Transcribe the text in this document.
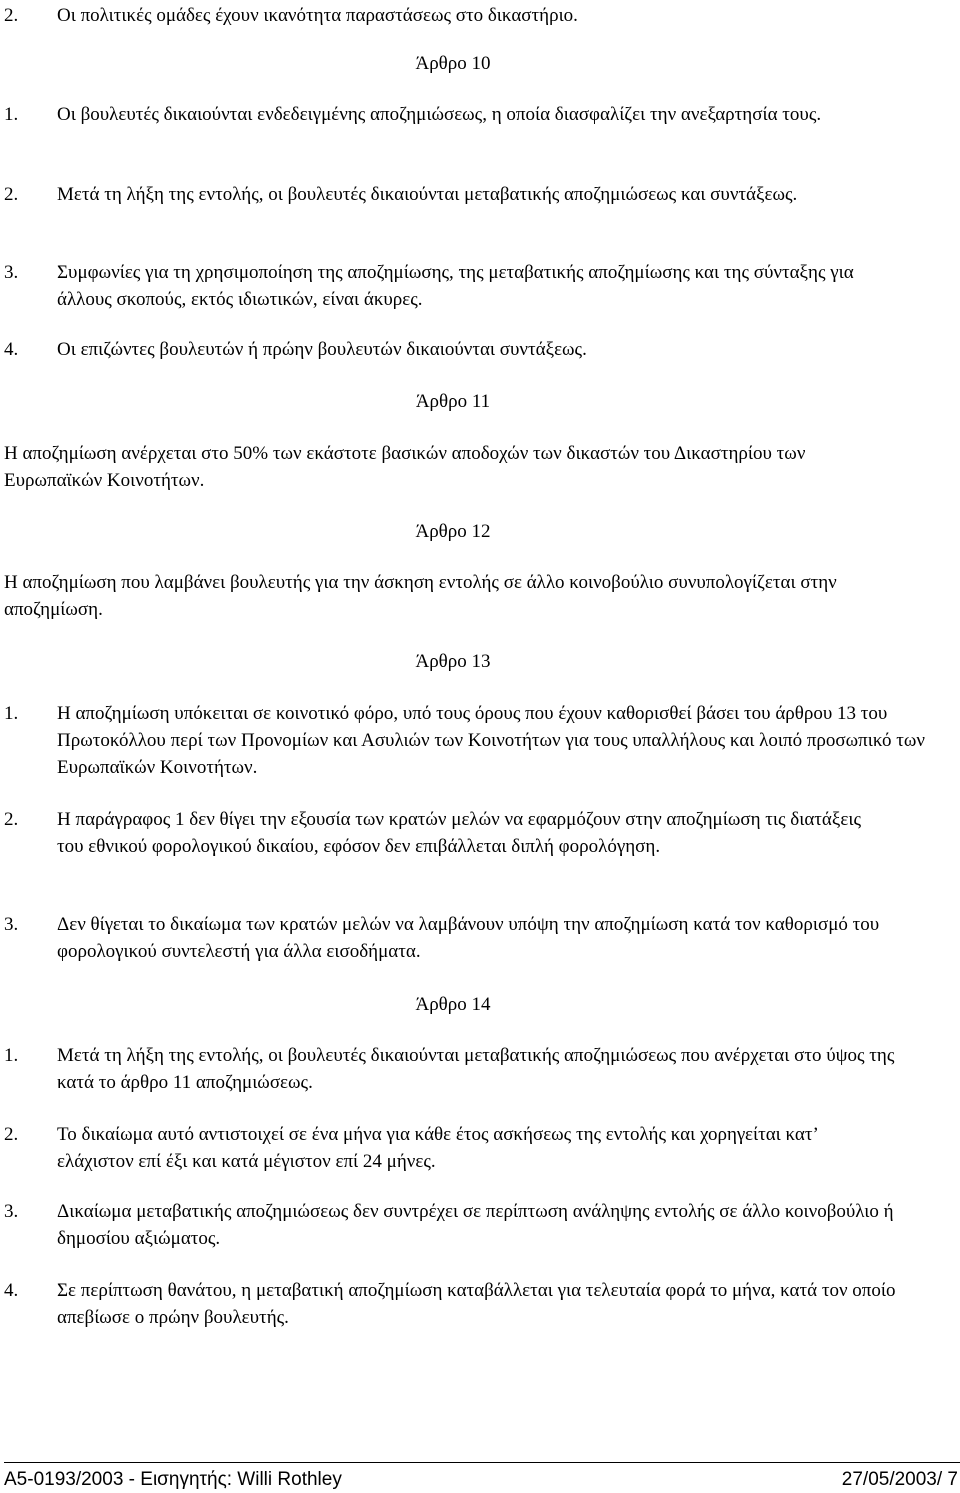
2.	Οι πολιτικές ομάδες έχουν ικανότητα παραστάσεως στο δικαστήριο.
Άρθρο 10
1.	Οι βουλευτές δικαιούνται ενδεδειγμένης αποζημιώσεως, η οποία διασφαλίζει την ανεξαρτησία τους.
2.	Μετά τη λήξη της εντολής, οι βουλευτές δικαιούνται μεταβατικής αποζημιώσεως και συντάξεως.
3.	Συμφωνίες για τη χρησιμοποίηση της αποζημίωσης, της μεταβατικής αποζημίωσης και της σύνταξης για άλλους σκοπούς, εκτός ιδιωτικών, είναι άκυρες.
4.	Οι επιζώντες βουλευτών ή πρώην βουλευτών δικαιούνται συντάξεως.
Άρθρο 11
Η αποζημίωση ανέρχεται στο 50% των εκάστοτε βασικών αποδοχών των δικαστών του Δικαστηρίου των Ευρωπαϊκών Κοινοτήτων.
Άρθρο 12
Η αποζημίωση που λαμβάνει βουλευτής για την άσκηση εντολής σε άλλο κοινοβούλιο συνυπολογίζεται στην αποζημίωση.
Άρθρο 13
1.	Η αποζημίωση υπόκειται σε κοινοτικό φόρο, υπό τους όρους που έχουν καθορισθεί βάσει του άρθρου 13 του Πρωτοκόλλου περί των Προνομίων και Ασυλιών των Κοινοτήτων για τους υπαλλήλους και λοιπό προσωπικό των Ευρωπαϊκών Κοινοτήτων.
2.	Η παράγραφος 1 δεν θίγει την εξουσία των κρατών μελών να εφαρμόζουν στην αποζημίωση τις διατάξεις του εθνικού φορολογικού δικαίου, εφόσον δεν επιβάλλεται διπλή φορολόγηση.
3.	Δεν θίγεται το δικαίωμα των κρατών μελών να λαμβάνουν υπόψη την αποζημίωση κατά τον καθορισμό του φορολογικού συντελεστή για άλλα εισοδήματα.
Άρθρο 14
1.	Μετά τη λήξη της εντολής, οι βουλευτές δικαιούνται μεταβατικής αποζημιώσεως που ανέρχεται στο ύψος της κατά το άρθρο 11 αποζημιώσεως.
2.	Το δικαίωμα αυτό αντιστοιχεί σε ένα μήνα για κάθε έτος ασκήσεως της εντολής και χορηγείται κατ’ ελάχιστον επί έξι και κατά μέγιστον επί 24 μήνες.
3.	Δικαίωμα μεταβατικής αποζημιώσεως δεν συντρέχει σε περίπτωση ανάληψης εντολής σε άλλο κοινοβούλιο ή δημοσίου αξιώματος.
4.	Σε περίπτωση θανάτου, η μεταβατική αποζημίωση καταβάλλεται για τελευταία φορά το μήνα, κατά τον οποίο απεβίωσε ο πρώην βουλευτής.
A5-0193/2003 - Εισηγητής: Willi Rothley	27/05/2003/ 7
